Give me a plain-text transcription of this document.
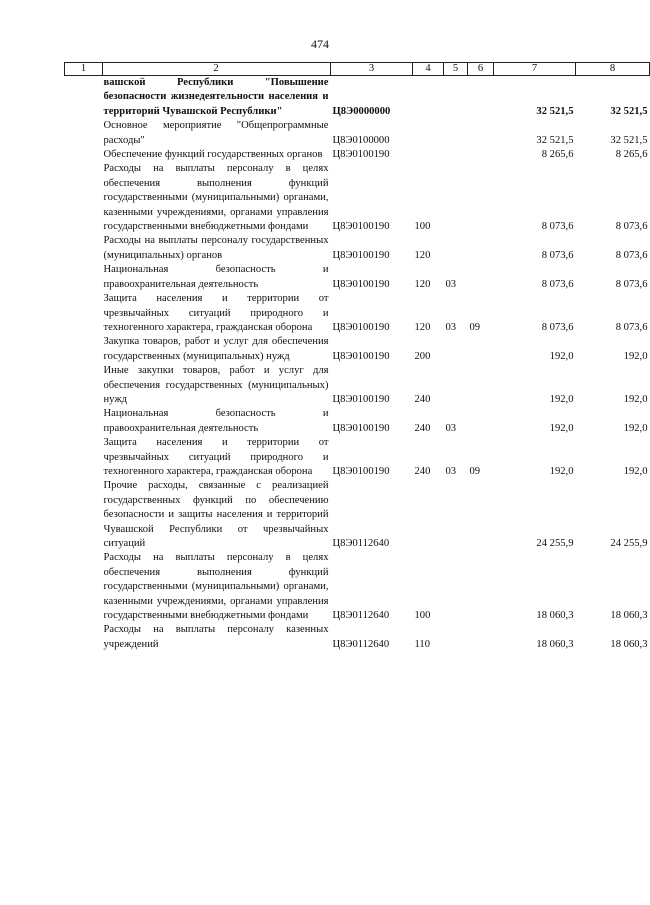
474
2	3	4	5	6	7	8
вашской Республики "Повышение безопасности жизнедеятельности населения и территорий Чувашской Республики"	Ц8Э0000000				32 521,5	32 521,5
Основное мероприятие "Общепрограммные расходы"	Ц8Э0100000				32 521,5	32 521,5
Обеспечение функций государственных органов	Ц8Э0100190				8 265,6	8 265,6
Расходы на выплаты персоналу в целях обеспечения выполнения функций государственными (муниципальными) органами, казенными учреждениями, органами управления государственными внебюджетными фондами	Ц8Э0100190	100			8 073,6	8 073,6
Расходы на выплаты персоналу государственных (муниципальных) органов	Ц8Э0100190	120			8 073,6	8 073,6
Национальная безопасность и правоохранительная деятельность	Ц8Э0100190	120	03		8 073,6	8 073,6
Защита населения и территории от чрезвычайных ситуаций природного и техногенного характера, гражданская оборона	Ц8Э0100190	120	03	09	8 073,6	8 073,6
Закупка товаров, работ и услуг для обеспечения государственных (муниципальных) нужд	Ц8Э0100190	200			192,0	192,0
Иные закупки товаров, работ и услуг для обеспечения государственных (муниципальных) нужд	Ц8Э0100190	240			192,0	192,0
Национальная безопасность и правоохранительная деятельность	Ц8Э0100190	240	03		192,0	192,0
Защита населения и территории от чрезвычайных ситуаций природного и техногенного характера, гражданская оборона	Ц8Э0100190	240	03	09	192,0	192,0
Прочие расходы, связанные с реализацией государственных функций по обеспечению безопасности и защиты населения и территорий Чувашской Республики от чрезвычайных ситуаций	Ц8Э0112640				24 255,9	24 255,9
Расходы на выплаты персоналу в целях обеспечения выполнения функций государственными (муниципальными) органами, казенными учреждениями, органами управления государственными внебюджетными фондами	Ц8Э0112640	100			18 060,3	18 060,3
Расходы на выплаты персоналу казенных учреждений	Ц8Э0112640	110			18 060,3	18 060,3
1
